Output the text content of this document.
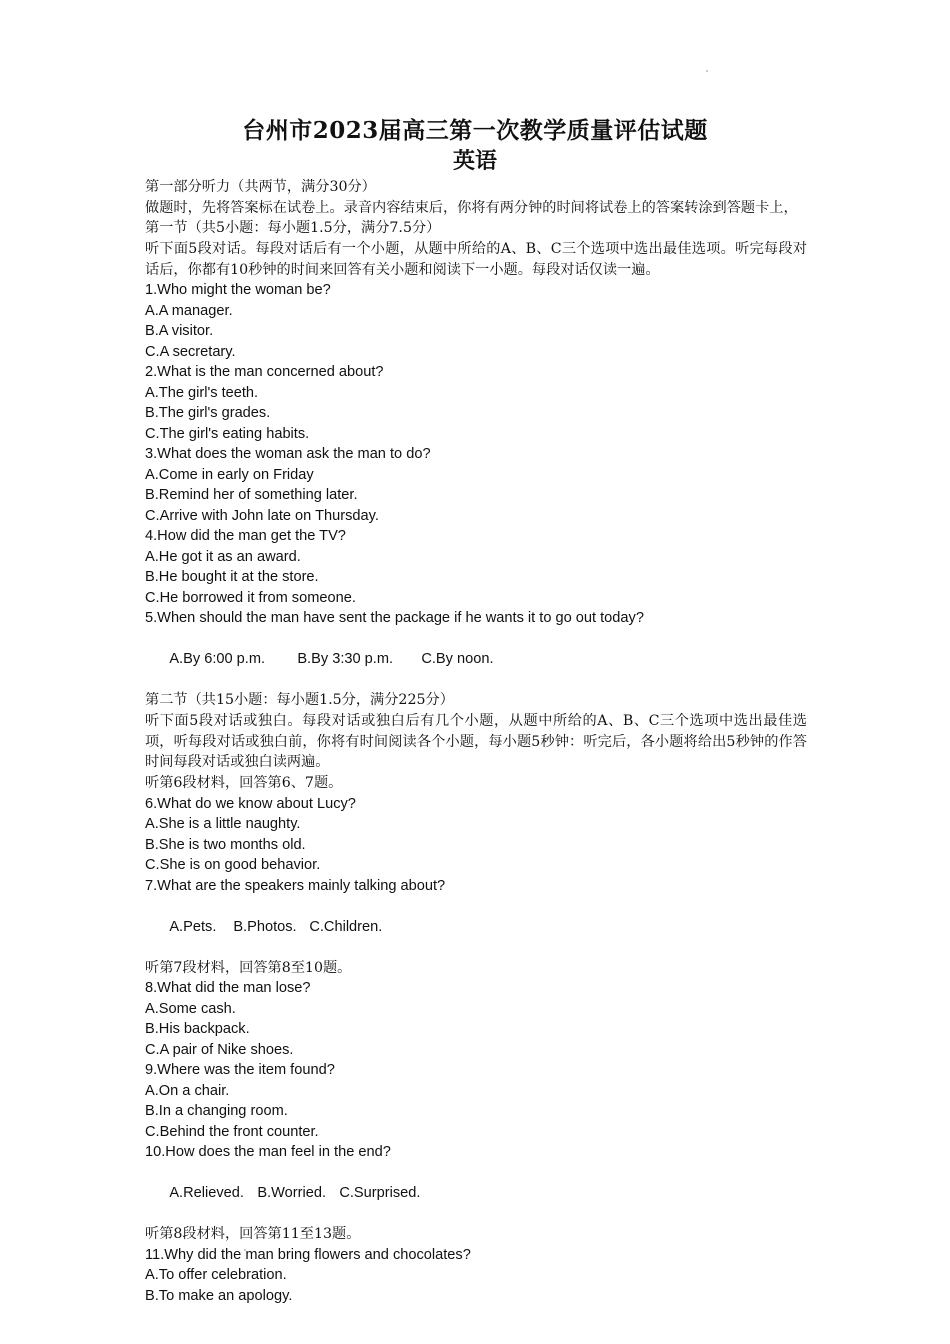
台州市2023届高三第一次教学质量评估试题
英语
第一部分听力（共两节，满分30分）
做题时，先将答案标在试卷上。录音内容结束后，你将有两分钟的时间将试卷上的答案转涂到答题卡上，
第一节（共5小题：每小题1.5分，满分7.5分）
听下面5段对话。每段对话后有一个小题，从题中所给的A、B、C三个选项中选出最佳选项。听完每段对话后，你都有10秒钟的时间来回答有关小题和阅读下一小题。每段对话仅读一遍。
1.Who might the woman be?
A.A manager.
B.A visitor.
C.A secretary.
2.What is the man concerned about?
A.The girl's teeth.
B.The girl's grades.
C.The girl's eating habits.
3.What does the woman ask the man to do?
A.Come in early on Friday
B.Remind her of something later.
C.Arrive with John late on Thursday.
4.How did the man get the TV?
A.He got it as an award.
B.He bought it at the store.
C.He borrowed it from someone.
5.When should the man have sent the package if he wants it to go out today?

A.By 6:00 p.m. B.By 3:30 p.m. C.By noon.

第二节（共15小题：每小题1.5分，满分225分）
听下面5段对话或独白。每段对话或独白后有几个小题，从题中所给的A、B、C三个选项中选出最佳选项，听每段对话或独白前，你将有时间阅读各个小题，每小题5秒钟：听完后，各小题将给出5秒钟的作答时间每段对话或独白读两遍。
听第6段材料，回答第6、7题。
6.What do we know about Lucy?
A.She is a little naughty.
B.She is two months old.
C.She is on good behavior.
7.What are the speakers mainly talking about?

A.Pets. B.Photos. C.Children.

听第7段材料，回答第8至10题。
8.What did the man lose?
A.Some cash.
B.His backpack.
C.A pair of Nike shoes.
9.Where was the item found?
A.On a chair.
B.In a changing room.
C.Behind the front counter.
10.How does the man feel in the end?

A.Relieved. B.Worried. C.Surprised.

听第8段材料，回答第11至13题。
11.Why did the man bring flowers and chocolates?
A.To offer celebration.
B.To make an apology.
